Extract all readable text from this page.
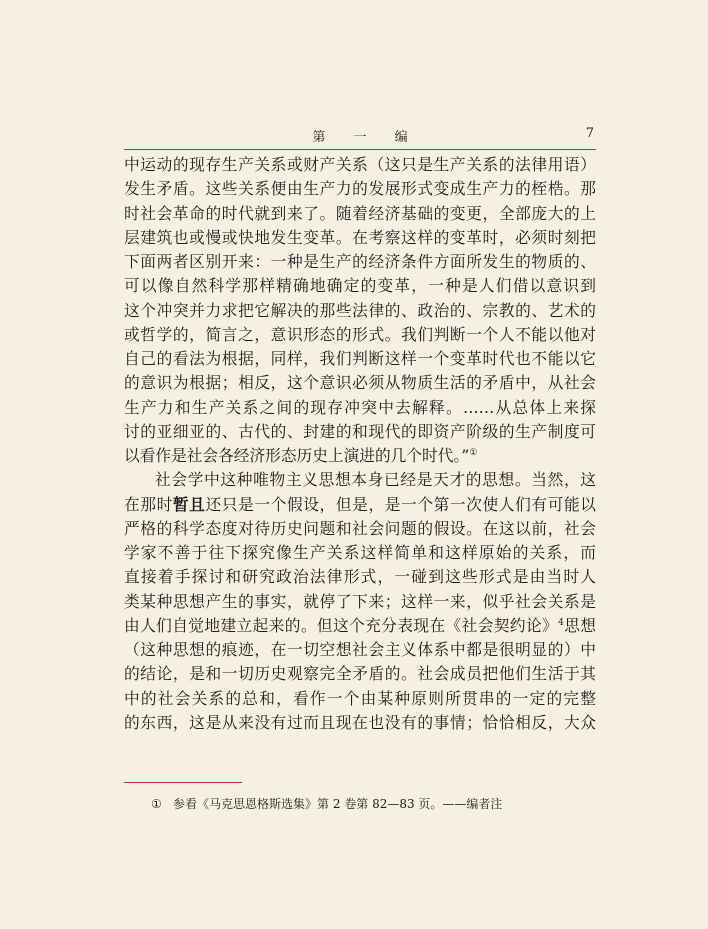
第 一 编	7
中运动的现存生产关系或财产关系（这只是生产关系的法律用语）
发生矛盾。这些关系便由生产力的发展形式变成生产力的桎梏。那
时社会革命的时代就到来了。随着经济基础的变更，全部庞大的上
层建筑也或慢或快地发生变革。在考察这样的变革时，必须时刻把
下面两者区别开来：一种是生产的经济条件方面所发生的物质的、
可以像自然科学那样精确地确定的变革，一种是人们借以意识到
这个冲突并力求把它解决的那些法律的、政治的、宗教的、艺术的
或哲学的，简言之，意识形态的形式。我们判断一个人不能以他对
自己的看法为根据，同样，我们判断这样一个变革时代也不能以它
的意识为根据；相反，这个意识必须从物质生活的矛盾中，从社会
生产力和生产关系之间的现存冲突中去解释。……从总体上来探
讨的亚细亚的、古代的、封建的和现代的即资产阶级的生产制度可
以看作是社会各经济形态历史上演进的几个时代。”①
社会学中这种唯物主义思想本身已经是天才的思想。当然，这
在那时暂且还只是一个假设，但是，是一个第一次使人们有可能以
严格的科学态度对待历史问题和社会问题的假设。在这以前，社会
学家不善于往下探究像生产关系这样简单和这样原始的关系，而
直接着手探讨和研究政治法律形式，一碰到这些形式是由当时人
类某种思想产生的事实，就停了下来；这样一来，似乎社会关系是
由人们自觉地建立起来的。但这个充分表现在《社会契约论》$^4$思想
（这种思想的痕迹，在一切空想社会主义体系中都是很明显的）中
的结论，是和一切历史观察完全矛盾的。社会成员把他们生活于其
中的社会关系的总和，看作一个由某种原则所贯串的一定的完整
的东西，这是从来没有过而且现在也没有的事情；恰恰相反，大众
① 参看《马克思恩格斯选集》第 2 卷第 82—83 页。——编者注
